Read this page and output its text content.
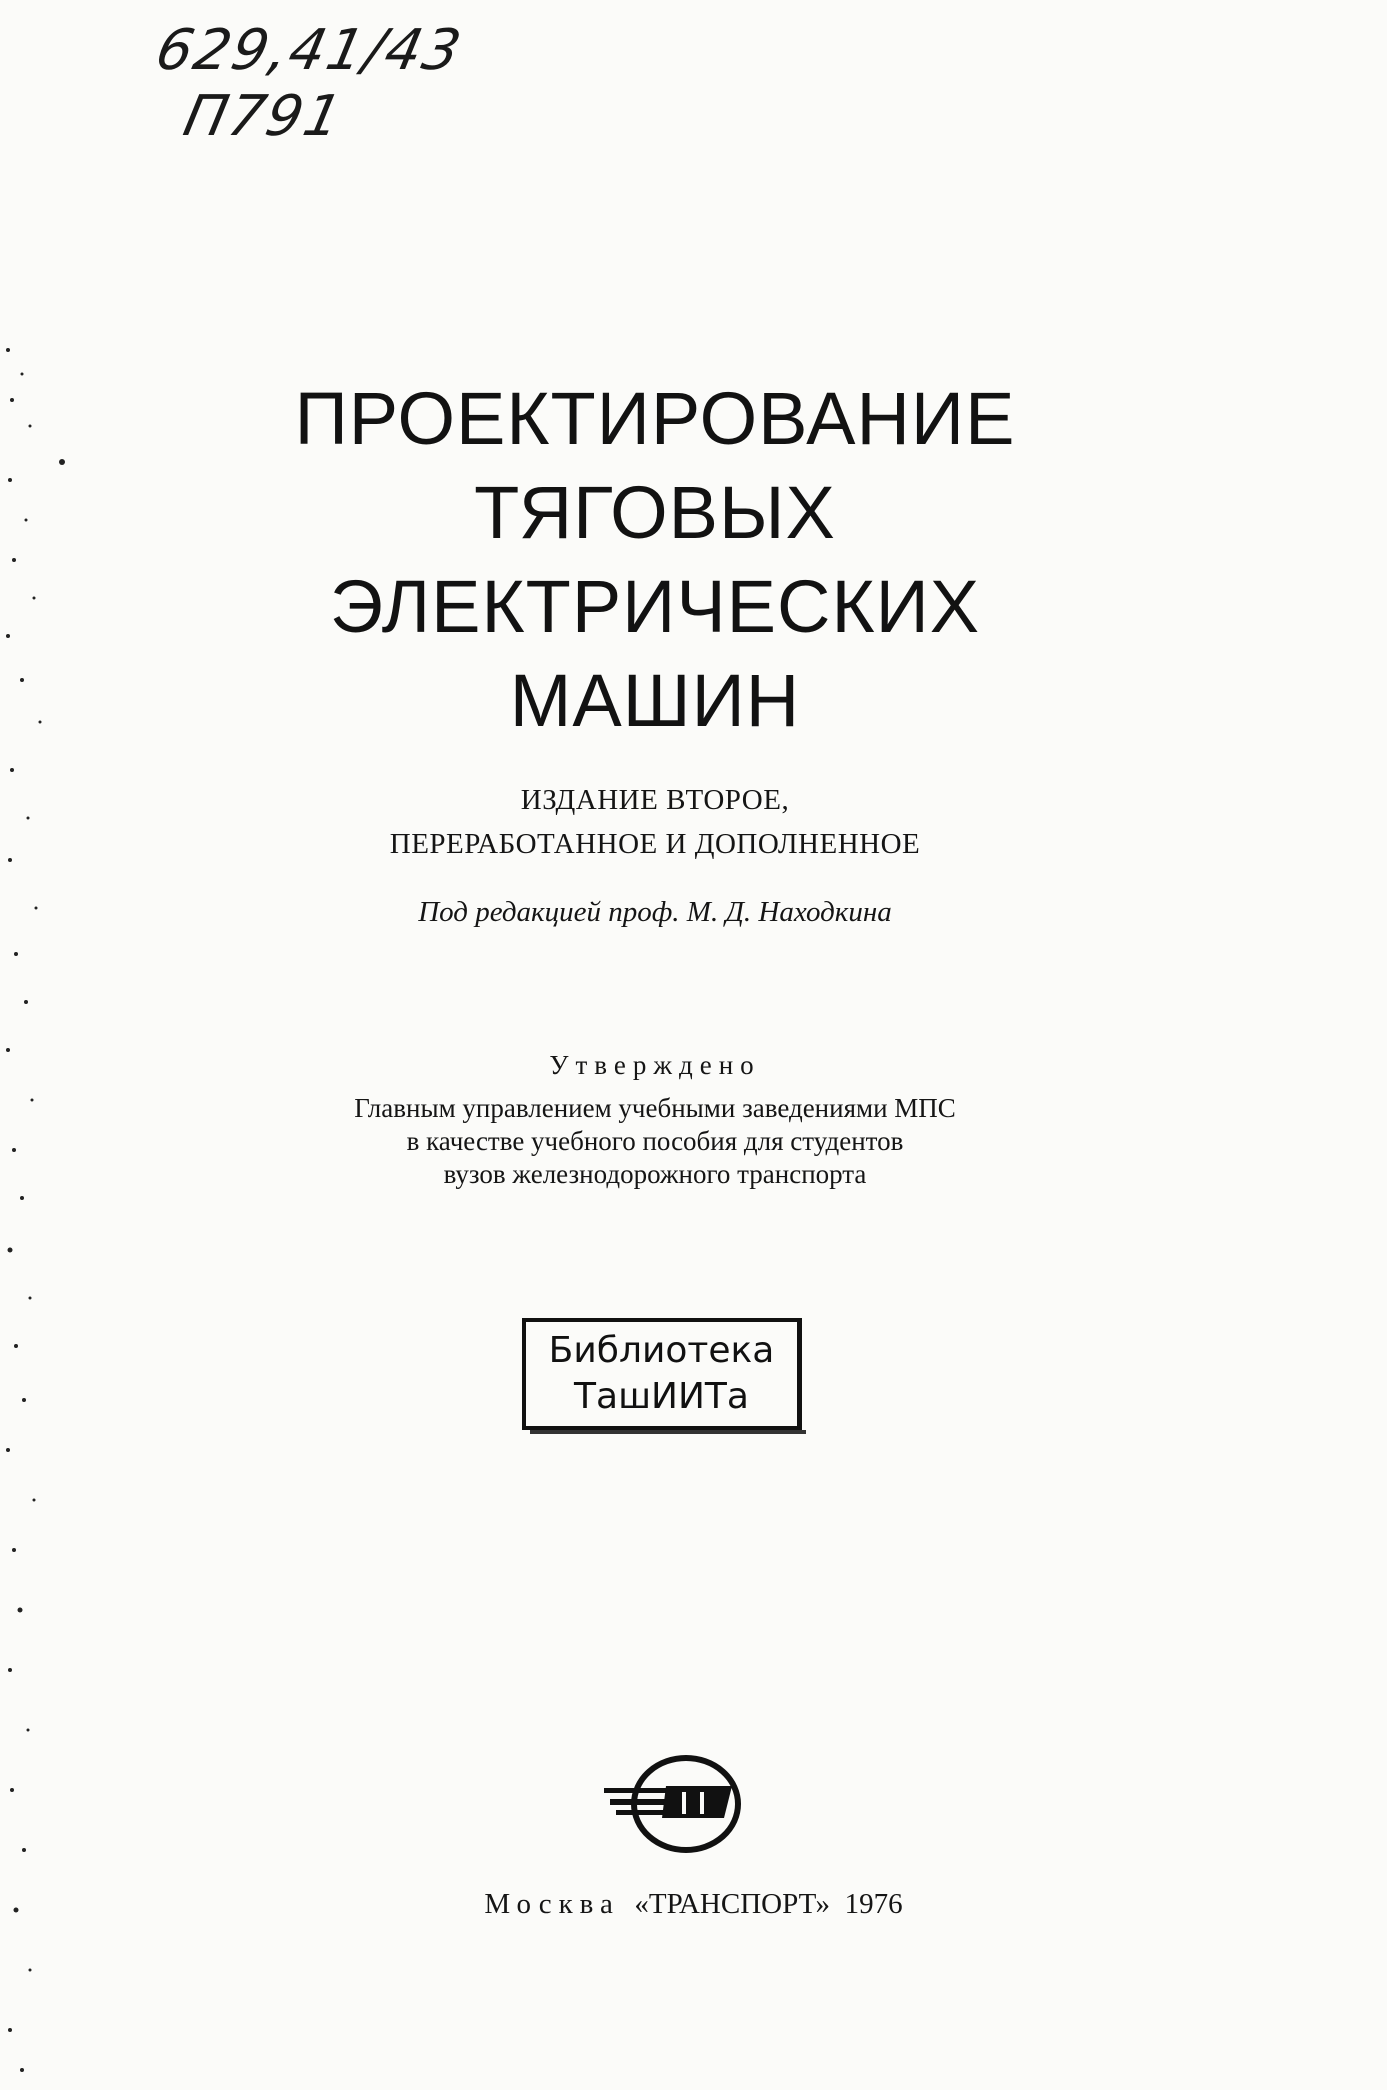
629,41/43
П791
ПРОЕКТИРОВАНИЕ
ТЯГОВЫХ
ЭЛЕКТРИЧЕСКИХ
МАШИН
ИЗДАНИЕ ВТОРОЕ,
ПЕРЕРАБОТАННОЕ И ДОПОЛНЕННОЕ
Под редакцией проф. М. Д. Находкина
Утверждено
Главным управлением учебными заведениями МПС
в качестве учебного пособия для студентов
вузов железнодорожного транспорта
Библиотека
ТашИИТа
Москва «ТРАНСПОРТ» 1976
